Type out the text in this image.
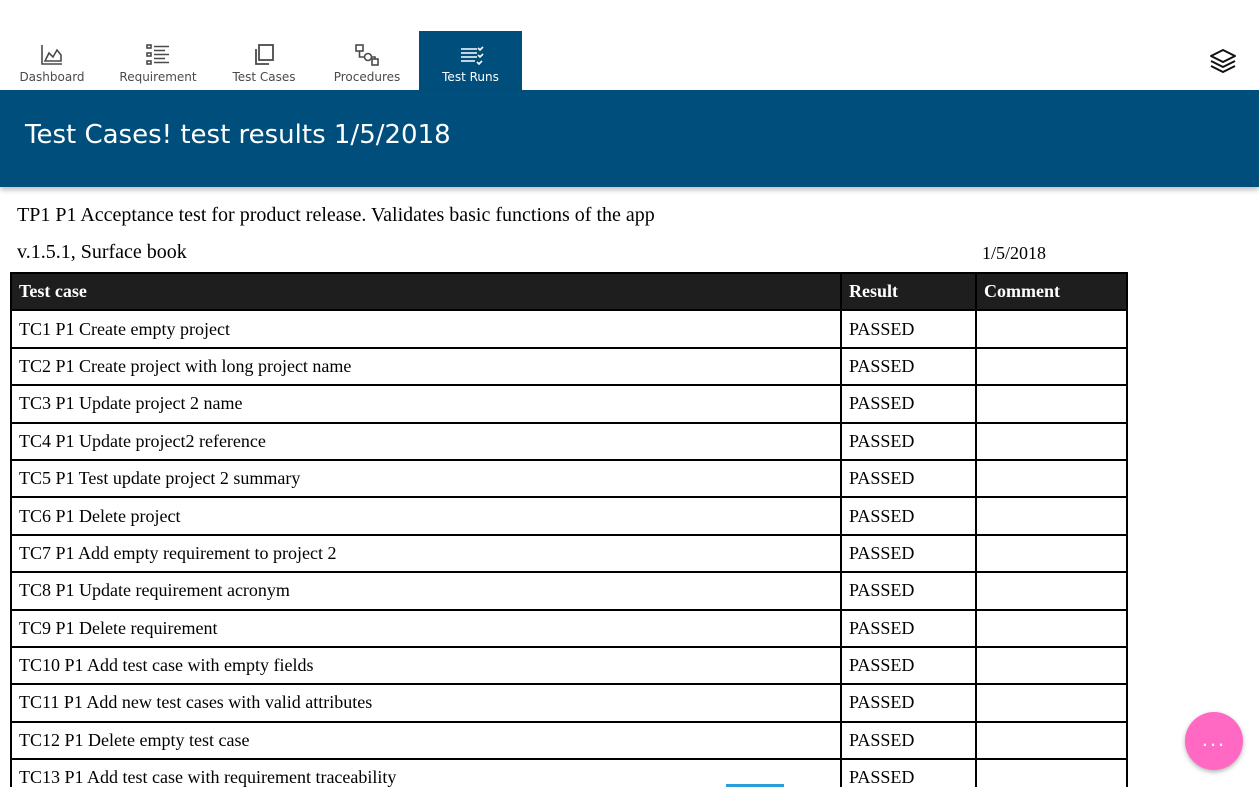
Dashboard	Requirement	Test Cases	Procedures	Test Runs
Test Cases! test results 1/5/2018
TP1 P1 Acceptance test for product release. Validates basic functions of the app
v.1.5.1, Surface book	1/5/2018
Test case	Result	Comment
TC1 P1 Create empty project	PASSED	
TC2 P1 Create project with long project name	PASSED	
TC3 P1 Update project 2 name	PASSED	
TC4 P1 Update project2 reference	PASSED	
TC5 P1 Test update project 2 summary	PASSED	
TC6 P1 Delete project	PASSED	
TC7 P1 Add empty requirement to project 2	PASSED	
TC8 P1 Update requirement acronym	PASSED	
TC9 P1 Delete requirement	PASSED	
TC10 P1 Add test case with empty fields	PASSED	
TC11 P1 Add new test cases with valid attributes	PASSED	
TC12 P1 Delete empty test case	PASSED	
TC13 P1 Add test case with requirement traceability	PASSED	
...
